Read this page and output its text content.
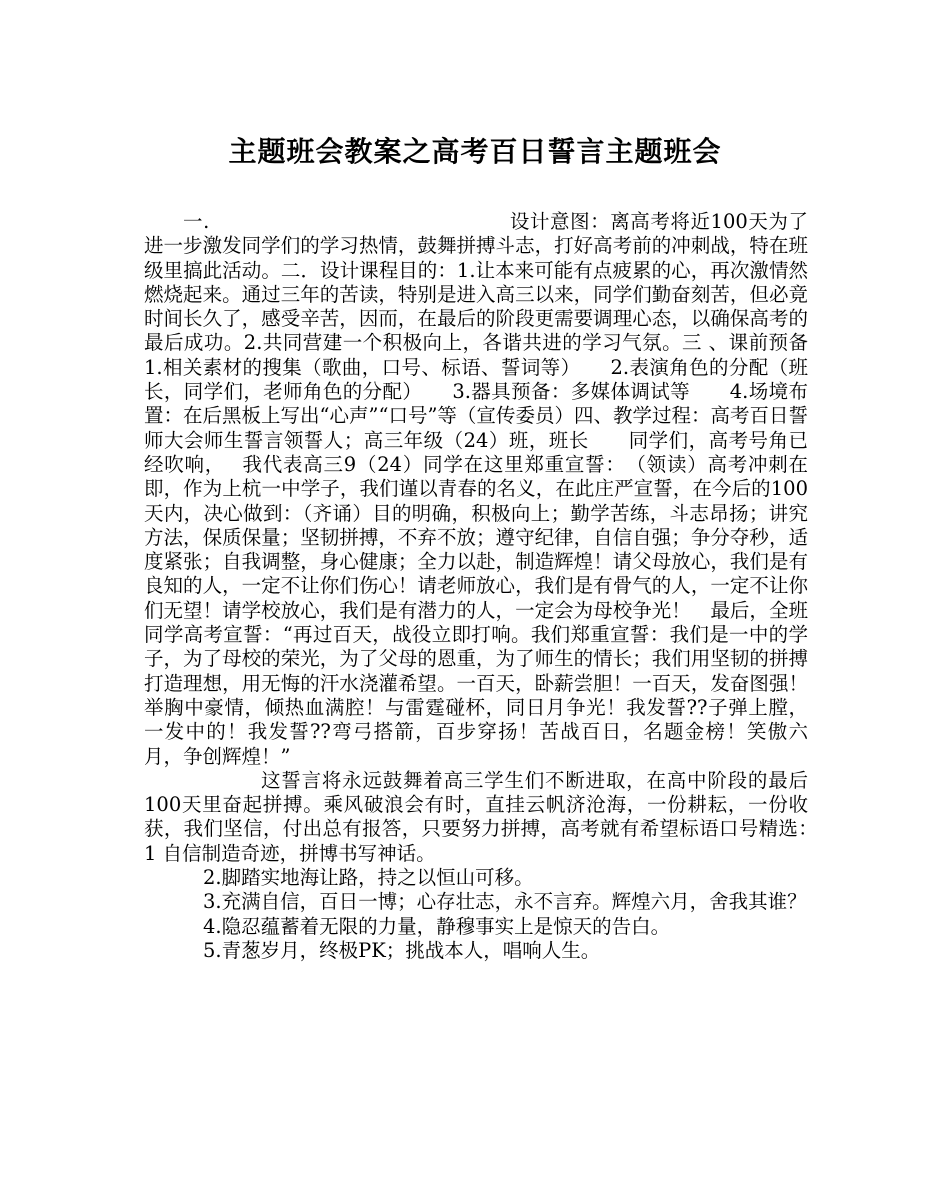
主题班会教案之高考百日誓言主题班会

一.	设计意图：离高考将近100天为了进一步激发同学们的学习热情，鼓舞拼搏斗志，打好高考前的冲刺战，特在班级里搞此活动。二．设计课程目的：1.让本来可能有点疲累的心，再次激情然燃烧起来。通过三年的苦读，特别是进入高三以来，同学们勤奋刻苦，但必竟时间长久了，感受辛苦，因而，在最后的阶段更需要调理心态，以确保高考的最后成功。2.共同营建一个积极向上，各谐共进的学习气氛。三 、课前预备　　1.相关素材的搜集（歌曲，口号、标语、誓词等）　　2.表演角色的分配（班长，同学们，老师角色的分配）　　3.器具预备：多媒体调试等　　4.场境布置：在后黑板上写出“心声”“口号”等（宣传委员）四、教学过程：高考百日誓师大会师生誓言领誓人；高三年级（24）班，班长　　同学们，高考号角已经吹响，　 我代表高三9（24）同学在这里郑重宣誓：　（领读）高考冲刺在即，作为上杭一中学子，我们谨以青春的名义，在此庄严宣誓，在今后的100天内，决心做到：（齐诵）目的明确，积极向上；勤学苦练，斗志昂扬；讲究方法，保质保量；坚韧拼搏，不弃不放；遵守纪律，自信自强；争分夺秒，适度紧张；自我调整，身心健康；全力以赴，制造辉煌！请父母放心，我们是有良知的人，一定不让你们伤心！请老师放心，我们是有骨气的人，一定不让你们无望！请学校放心，我们是有潜力的人，一定会为母校争光！　最后，全班同学高考宣誓：“再过百天，战役立即打响。我们郑重宣誓：我们是一中的学子，为了母校的荣光，为了父母的恩重，为了师生的情长；我们用坚韧的拼搏打造理想，用无悔的汗水浇灌希望。一百天，卧薪尝胆！一百天，发奋图强！举胸中豪情，倾热血满腔！与雷霆碰杯，同日月争光！我发誓??子弹上膛，一发中的！我发誓??弯弓搭箭，百步穿扬！苦战百日，名题金榜！笑傲六月，争创辉煌！”

这誓言将永远鼓舞着高三学生们不断进取，在高中阶段的最后100天里奋起拼搏。乘风破浪会有时，直挂云帆济沧海，一份耕耘，一份收获，我们坚信，付出总有报答，只要努力拼搏，高考就有希望标语口号精选：　1 自信制造奇迹，拼博书写神话。

2.脚踏实地海让路，持之以恒山可移。

3.充满自信，百日一博；心存壮志，永不言弃。辉煌六月，舍我其谁？

4.隐忍蕴蓄着无限的力量，静穆事实上是惊天的告白。

5.青葱岁月，终极PK；挑战本人，唱响人生。
